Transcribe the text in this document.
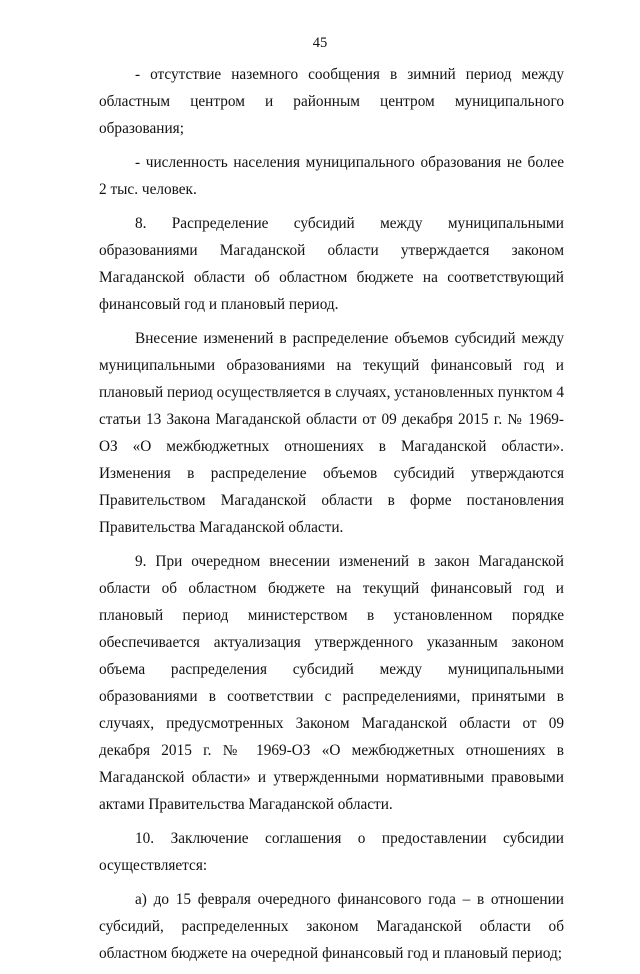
45

- отсутствие наземного сообщения в зимний период между областным центром и районным центром муниципального образования;

- численность населения муниципального образования не более 2 тыс. человек.

8. Распределение субсидий между муниципальными образованиями Магаданской области утверждается законом Магаданской области об областном бюджете на соответствующий финансовый год и плановый период.

Внесение изменений в распределение объемов субсидий между муниципальными образованиями на текущий финансовый год и плановый период осуществляется в случаях, установленных пунктом 4 статьи 13 Закона Магаданской области от 09 декабря 2015 г. № 1969-ОЗ «О межбюджетных отношениях в Магаданской области». Изменения в распределение объемов субсидий утверждаются Правительством Магаданской области в форме постановления Правительства Магаданской области.

9. При очередном внесении изменений в закон Магаданской области об областном бюджете на текущий финансовый год и плановый период министерством в установленном порядке обеспечивается актуализация утвержденного указанным законом объема распределения субсидий между муниципальными образованиями в соответствии с распределениями, принятыми в случаях, предусмотренных Законом Магаданской области от 09 декабря 2015 г. № 1969-ОЗ «О межбюджетных отношениях в Магаданской области» и утвержденными нормативными правовыми актами Правительства Магаданской области.

10. Заключение соглашения о предоставлении субсидии осуществляется:

а) до 15 февраля очередного финансового года – в отношении субсидий, распределенных законом Магаданской области об областном бюджете на очередной финансовый год и плановый период;
